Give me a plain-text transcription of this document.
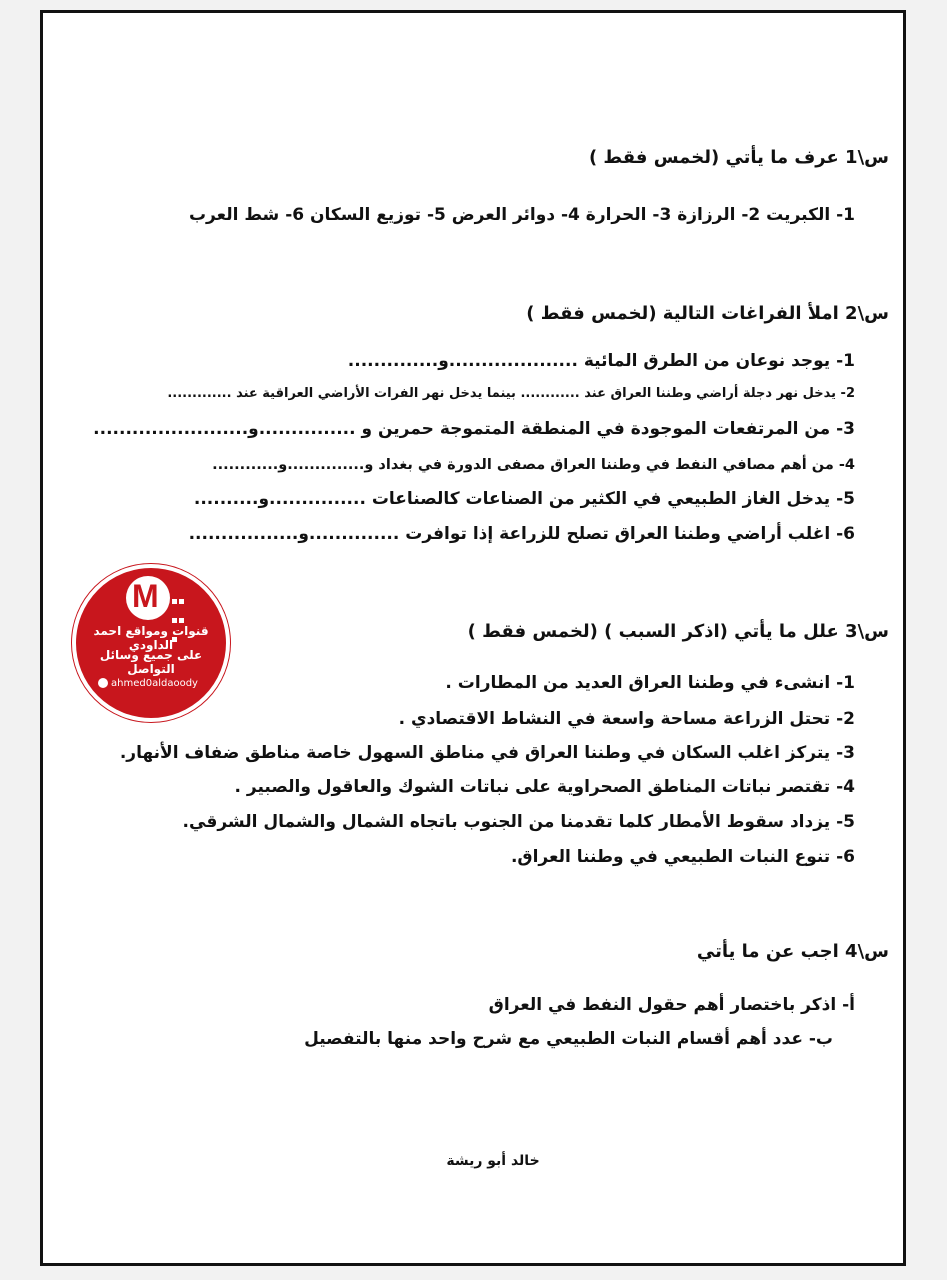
س\1 عرف ما يأتي (لخمس فقط )
1- الكبريت 2- الرزازة 3- الحرارة 4- دوائر العرض 5- توزيع السكان 6- شط العرب
س\2 املأ الفراغات التالية (لخمس فقط )
1- يوجد نوعان من الطرق المائية ....................و..............
2- يدخل نهر دجلة أراضي وطننا العراق عند ............ بينما يدخل نهر الفرات الأراضي العراقية عند .............
3- من المرتفعات الموجودة في المنطقة المتموجة حمرين و ...............و........................
4- من أهم مصافي النفط في وطننا العراق مصفى الدورة في بغداد و..............و............
5- يدخل الغاز الطبيعي في الكثير من الصناعات كالصناعات ...............و..........
6- اغلب أراضي وطننا العراق تصلح للزراعة إذا توافرت ..............و.................
س\3 علل ما يأتي (اذكر السبب ) (لخمس فقط )
1- انشىء في وطننا العراق العديد من المطارات .
2- تحتل الزراعة مساحة واسعة في النشاط الاقتصادي .
3- يتركز اغلب السكان في وطننا العراق في مناطق السهول خاصة مناطق ضفاف الأنهار.
4- تقتصر نباتات المناطق الصحراوية على نباتات الشوك والعاقول والصبير .
5- يزداد سقوط الأمطار كلما تقدمنا من الجنوب باتجاه الشمال والشمال الشرقي.
6- تنوع النبات الطبيعي في وطننا العراق.
س\4 اجب عن ما يأتي
أ- اذكر باختصار أهم حقول النفط في العراق
ب- عدد أهم أقسام النبات الطبيعي مع شرح واحد منها بالتفصيل
خالد أبو ريشة
M

قنوات ومواقع احمد الداودي
على جميع وسائل التواصل
ahmed0aldaoody
